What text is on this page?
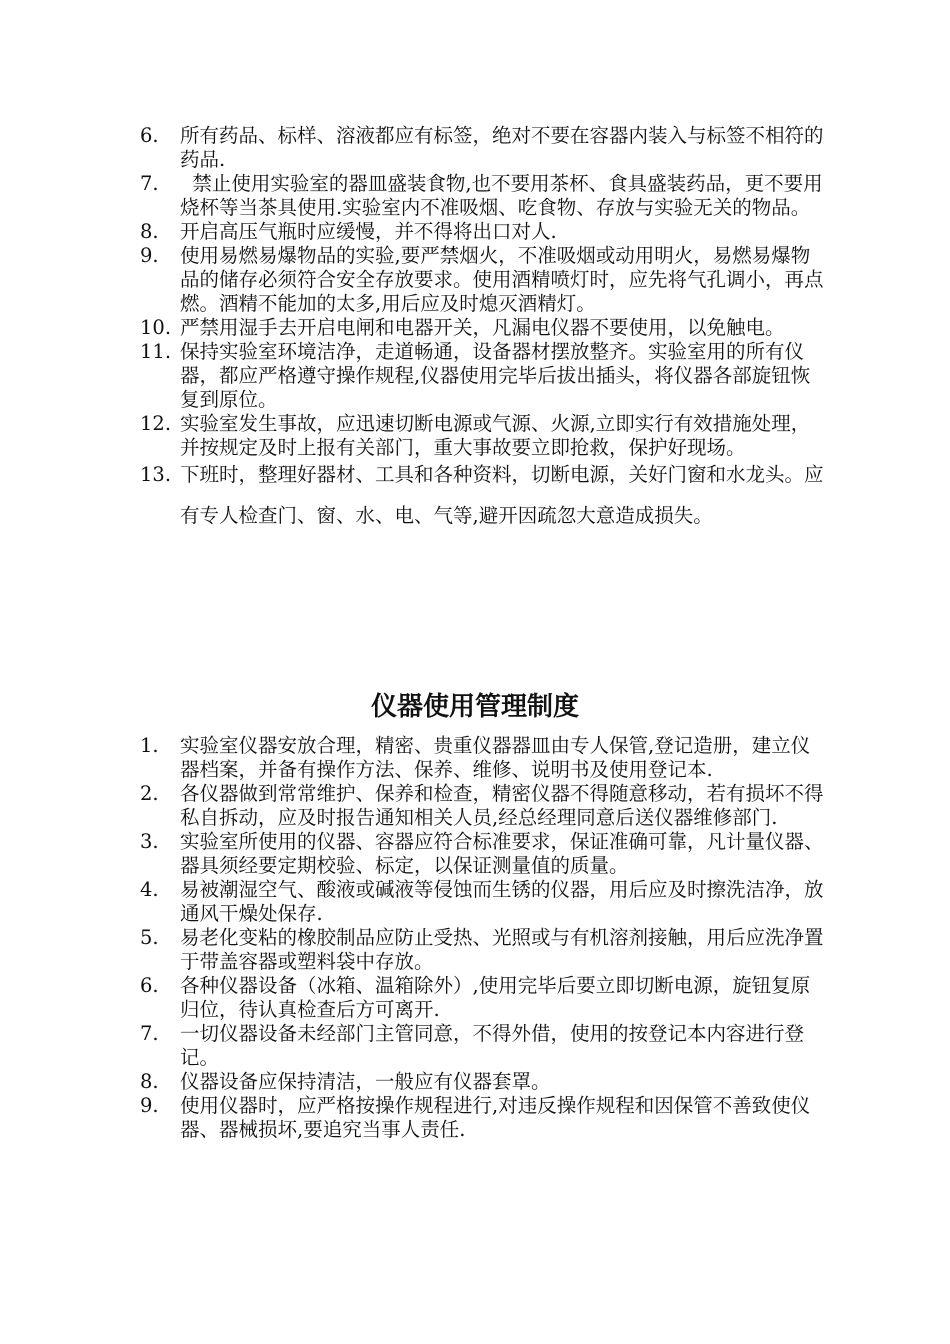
6.	所有药品、标样、溶液都应有标签，绝对不要在容器内装入与标签不相符的药品.
7.	禁止使用实验室的器皿盛装食物,也不要用茶杯、食具盛装药品，更不要用烧杯等当茶具使用.实验室内不准吸烟、吃食物、存放与实验无关的物品。
8.	开启高压气瓶时应缓慢，并不得将出口对人.
9.	使用易燃易爆物品的实验,要严禁烟火，不准吸烟或动用明火，易燃易爆物品的储存必须符合安全存放要求。使用酒精喷灯时，应先将气孔调小，再点燃。酒精不能加的太多,用后应及时熄灭酒精灯。
10. 严禁用湿手去开启电闸和电器开关，凡漏电仪器不要使用，以免触电。
11. 保持实验室环境洁净，走道畅通，设备器材摆放整齐。实验室用的所有仪器，都应严格遵守操作规程,仪器使用完毕后拔出插头，将仪器各部旋钮恢复到原位。
12. 实验室发生事故，应迅速切断电源或气源、火源,立即实行有效措施处理，并按规定及时上报有关部门，重大事故要立即抢救，保护好现场。
13. 下班时，整理好器材、工具和各种资料，切断电源，关好门窗和水龙头。应有专人检查门、窗、水、电、气等,避开因疏忽大意造成损失。
仪器使用管理制度
1.	实验室仪器安放合理，精密、贵重仪器器皿由专人保管,登记造册，建立仪器档案，并备有操作方法、保养、维修、说明书及使用登记本.
2.	各仪器做到常常维护、保养和检查，精密仪器不得随意移动，若有损坏不得私自拆动，应及时报告通知相关人员,经总经理同意后送仪器维修部门.
3.	实验室所使用的仪器、容器应符合标准要求，保证准确可靠，凡计量仪器、器具须经要定期校验、标定，以保证测量值的质量。
4.	易被潮湿空气、酸液或碱液等侵蚀而生锈的仪器，用后应及时擦洗洁净，放通风干燥处保存.
5.	易老化变粘的橡胶制品应防止受热、光照或与有机溶剂接触，用后应洗净置于带盖容器或塑料袋中存放。
6.	各种仪器设备（冰箱、温箱除外）,使用完毕后要立即切断电源，旋钮复原归位，待认真检查后方可离开.
7.	一切仪器设备未经部门主管同意，不得外借，使用的按登记本内容进行登记。
8.	仪器设备应保持清洁，一般应有仪器套罩。
9.	使用仪器时，应严格按操作规程进行,对违反操作规程和因保管不善致使仪器、器械损坏,要追究当事人责任.
